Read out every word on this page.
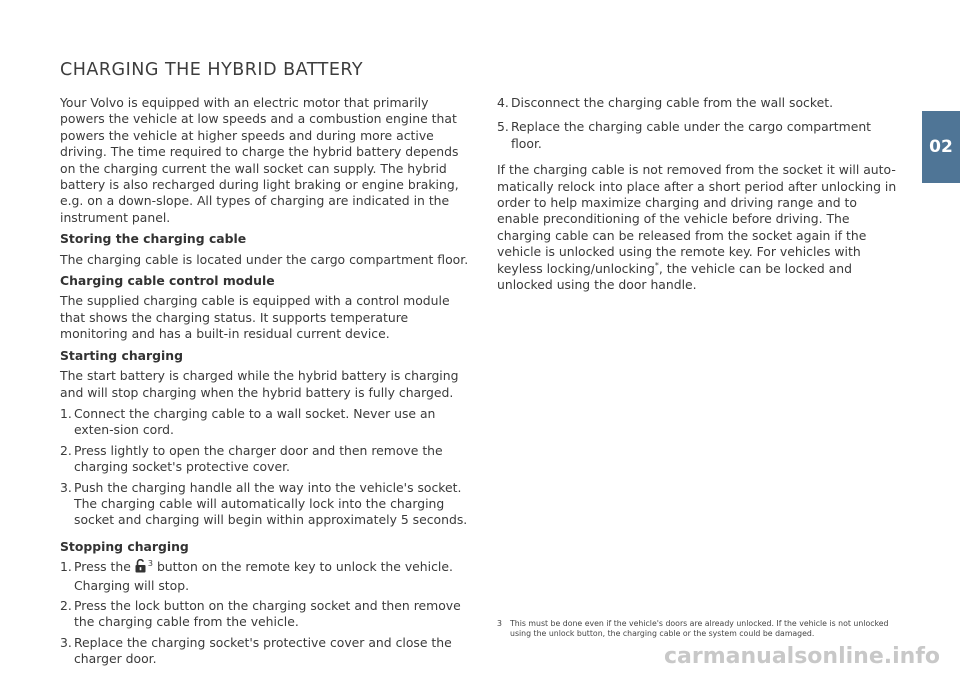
CHARGING THE HYBRID BATTERY

Your Volvo is equipped with an electric motor that primarily powers the vehicle at low speeds and a combustion engine that powers the vehicle at higher speeds and during more active driving. The time required to charge the hybrid battery depends on the charging current the wall socket can supply. The hybrid battery is also recharged during light braking or engine braking, e.g. on a down-slope. All types of charging are indicated in the instrument panel.

Storing the charging cable

The charging cable is located under the cargo compartment floor.

Charging cable control module

The supplied charging cable is equipped with a control module that shows the charging status. It supports temperature monitoring and has a built-in residual current device.

Starting charging

The start battery is charged while the hybrid battery is charging and will stop charging when the hybrid battery is fully charged.

1. Connect the charging cable to a wall socket. Never use an exten-sion cord.
2. Press lightly to open the charger door and then remove the charging socket's protective cover.
3. Push the charging handle all the way into the vehicle's socket. The charging cable will automatically lock into the charging socket and charging will begin within approximately 5 seconds.
Stopping charging
1. Press the $^3$ button on the remote key to unlock the vehicle. Charging will stop.
2. Press the lock button on the charging socket and then remove the charging cable from the vehicle.
3. Replace the charging socket's protective cover and close the charger door.
4. Disconnect the charging cable from the wall socket.
5. Replace the charging cable under the cargo compartment floor.

If the charging cable is not removed from the socket it will auto-matically relock into place after a short period after unlocking in order to help maximize charging and driving range and to enable preconditioning of the vehicle before driving. The charging cable can be released from the socket again if the vehicle is unlocked using the remote key. For vehicles with keyless locking/unlocking*, the vehicle can be locked and unlocked using the door handle.

3	This must be done even if the vehicle's doors are already unlocked. If the vehicle is not unlocked using the unlock button, the charging cable or the system could be damaged.
02
carmanualsonline.info
